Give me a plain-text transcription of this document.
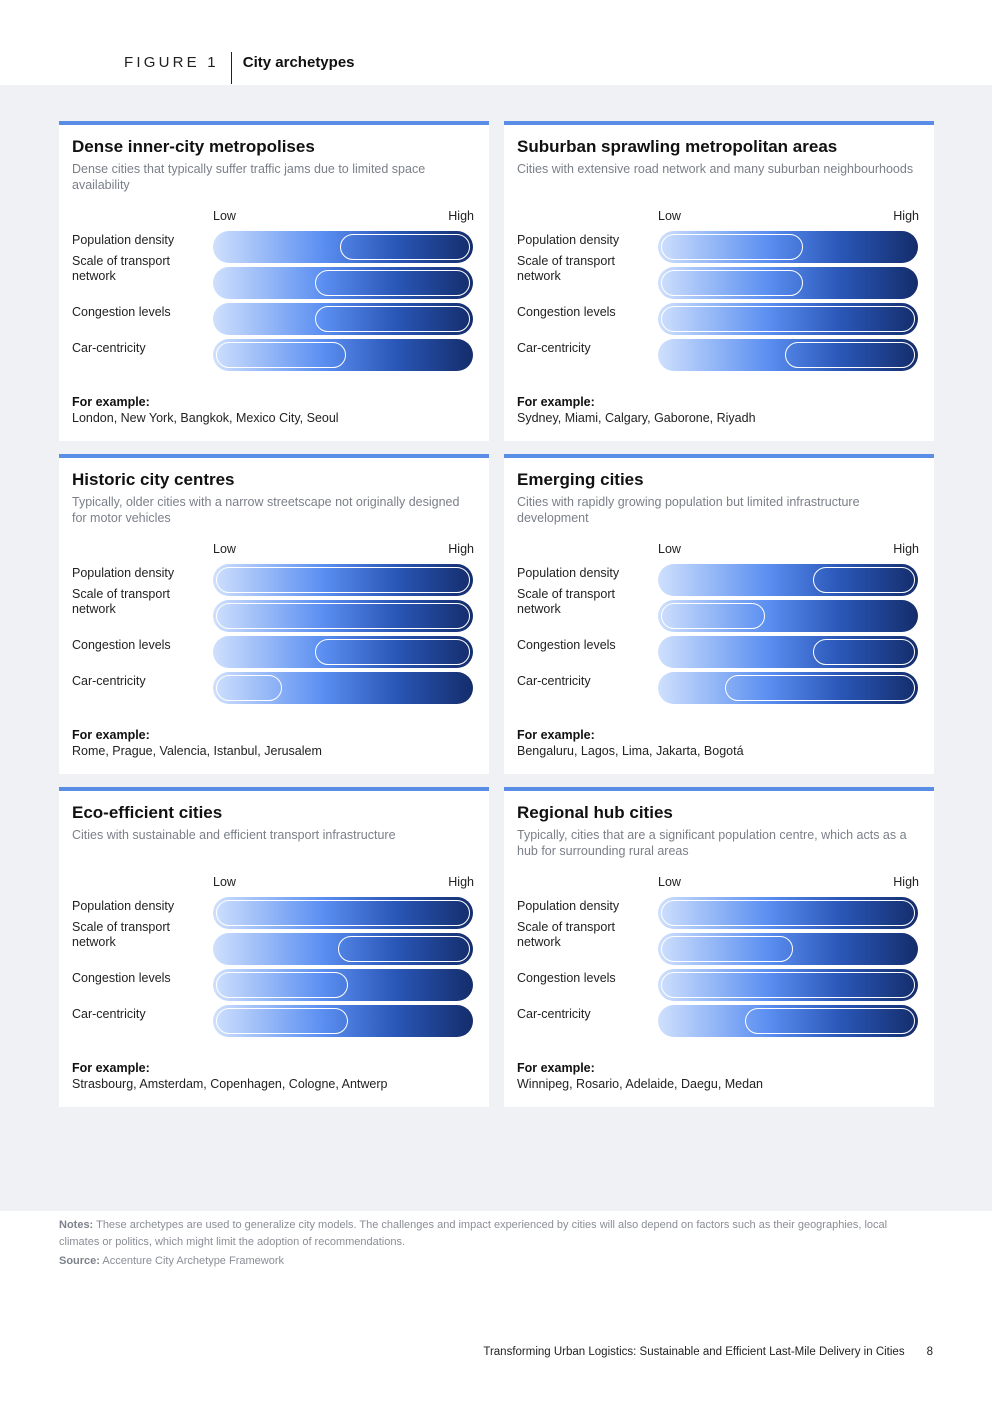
FIGURE 1	City archetypes
Dense inner-city metropolises
Dense cities that typically suffer traffic jams due to limited space availability
Low	High
Population density
Scale of transport network
Congestion levels
Car-centricity
For example:
London, New York, Bangkok, Mexico City, Seoul
Suburban sprawling metropolitan areas
Cities with extensive road network and many suburban neighbourhoods
Low	High
Population density
Scale of transport network
Congestion levels
Car-centricity
For example:
Sydney, Miami, Calgary, Gaborone, Riyadh
Historic city centres
Typically, older cities with a narrow streetscape not originally designed for motor vehicles
Low	High
Population density
Scale of transport network
Congestion levels
Car-centricity
For example:
Rome, Prague, Valencia, Istanbul, Jerusalem
Emerging cities
Cities with rapidly growing population but limited infrastructure development
Low	High
Population density
Scale of transport network
Congestion levels
Car-centricity
For example:
Bengaluru, Lagos, Lima, Jakarta, Bogotá
Eco-efficient cities
Cities with sustainable and efficient transport infrastructure
Low	High
Population density
Scale of transport network
Congestion levels
Car-centricity
For example:
Strasbourg, Amsterdam, Copenhagen, Cologne, Antwerp
Regional hub cities
Typically, cities that are a significant population centre, which acts as a hub for surrounding rural areas
Low	High
Population density
Scale of transport network
Congestion levels
Car-centricity
For example:
Winnipeg, Rosario, Adelaide, Daegu, Medan
Notes: These archetypes are used to generalize city models. The challenges and impact experienced by cities will also depend on factors such as their geographies, local climates or politics, which might limit the adoption of recommendations.
Source: Accenture City Archetype Framework
Transforming Urban Logistics: Sustainable and Efficient Last-Mile Delivery in Cities 8
